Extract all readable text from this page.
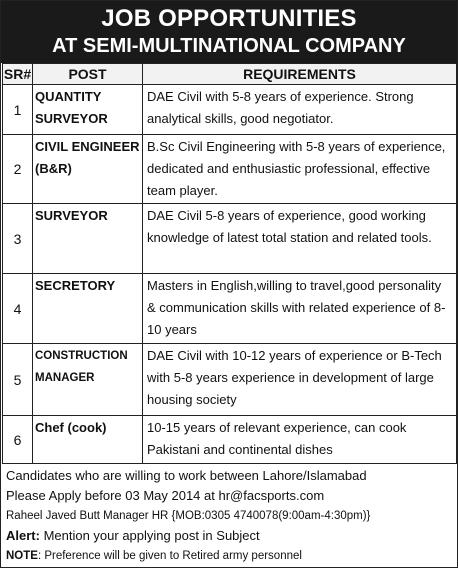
JOB OPPORTUNITIES
AT SEMI-MULTINATIONAL COMPANY
SR#	POST	REQUIREMENTS
1	QUANTITY SURVEYOR	DAE Civil with 5-8 years of experience. Strong analytical skills, good negotiator.
2	CIVIL ENGINEER (B&R)	B.Sc Civil Engineering with 5-8 years of experience, dedicated and enthusiastic professional, effective team player.
3	SURVEYOR	DAE Civil 5-8 years of experience, good working knowledge of latest total station and related tools.
4	SECRETORY	Masters in English,willing to travel,good personality & communication skills with related experience of 8-10 years
5	CONSTRUCTION MANAGER	DAE Civil with 10-12 years of experience or B-Tech with 5-8 years experience in development of large housing society
6	Chef (cook)	10-15 years of relevant experience, can cook Pakistani and continental dishes
Candidates who are willing to work between Lahore/Islamabad
Please Apply before 03 May 2014 at hr@facsports.com
Raheel Javed Butt Manager HR {MOB:0305 4740078(9:00am-4:30pm)}
Alert: Mention your applying post in Subject
NOTE: Preference will be given to Retired army personnel
